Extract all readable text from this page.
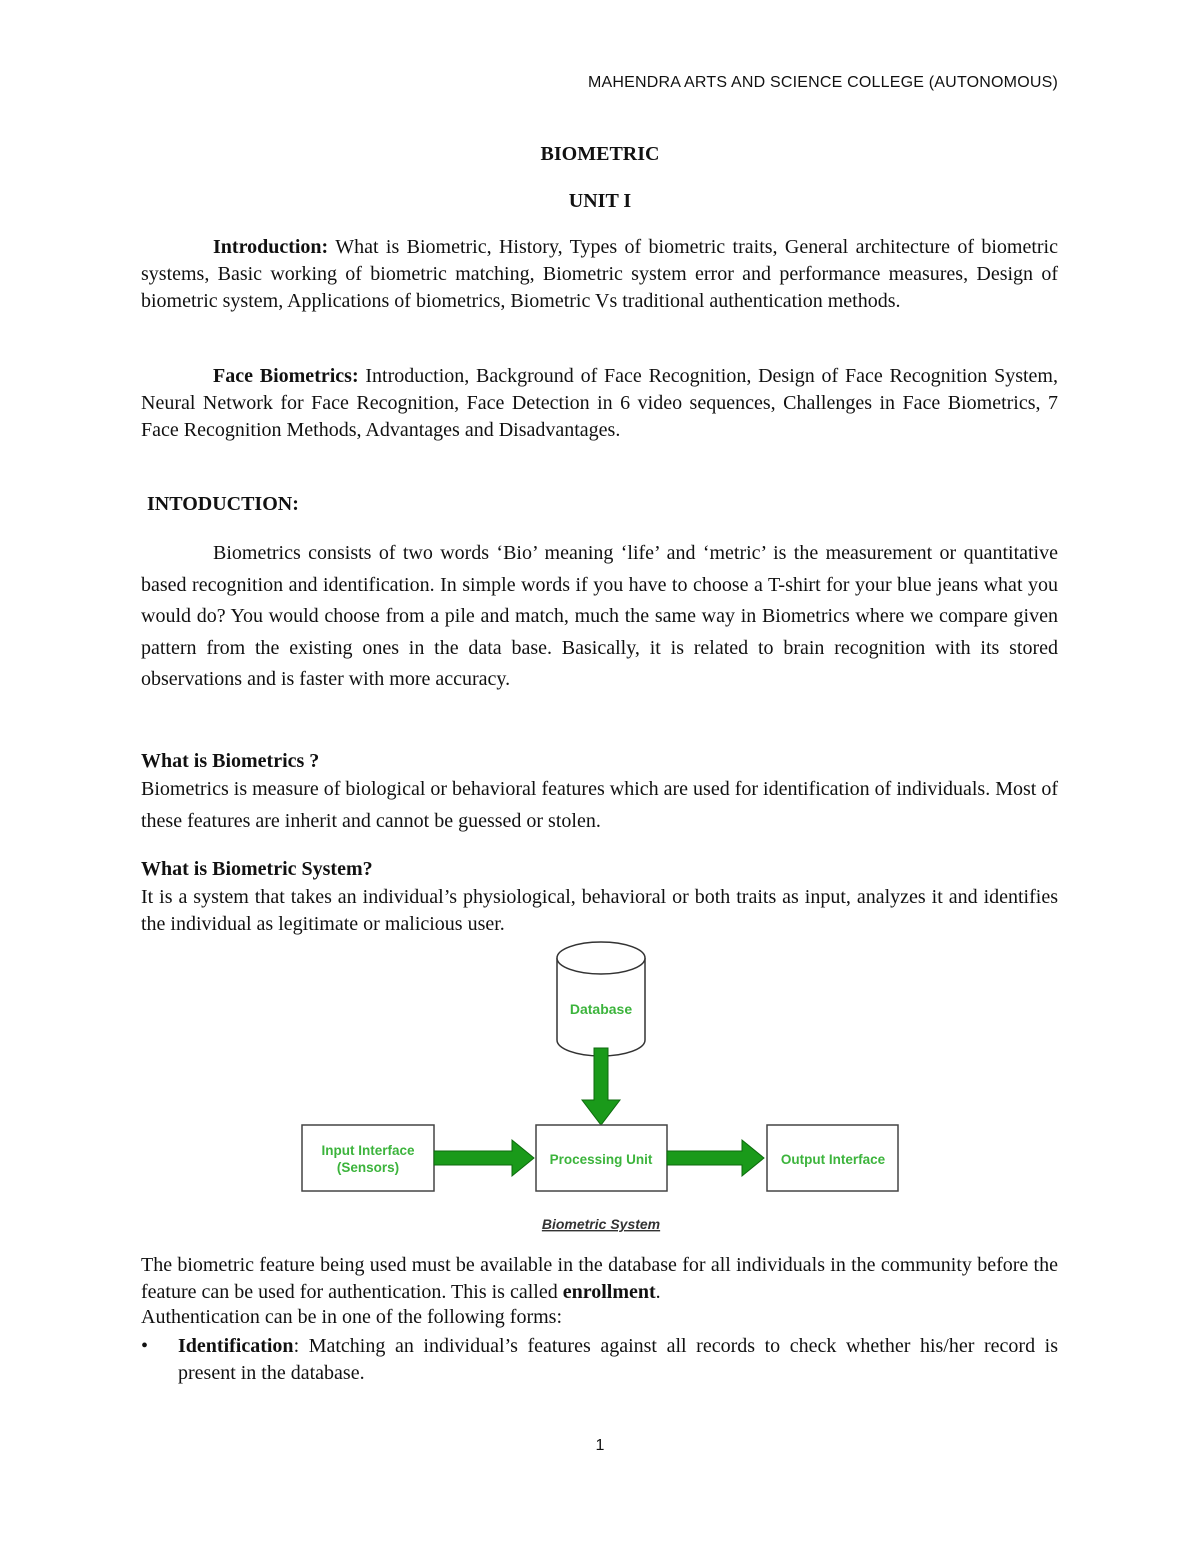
MAHENDRA ARTS AND SCIENCE COLLEGE (AUTONOMOUS)
BIOMETRIC
UNIT I
Introduction: What is Biometric, History, Types of biometric traits, General architecture of biometric systems, Basic working of biometric matching, Biometric system error and performance measures, Design of biometric system, Applications of biometrics, Biometric Vs traditional authentication methods.
Face Biometrics: Introduction, Background of Face Recognition, Design of Face Recognition System, Neural Network for Face Recognition, Face Detection in 6 video sequences, Challenges in Face Biometrics, 7 Face Recognition Methods, Advantages and Disadvantages.
INTODUCTION:
Biometrics consists of two words ‘Bio’ meaning ‘life’ and ‘metric’ is the measurement or quantitative based recognition and identification. In simple words if you have to choose a T-shirt for your blue jeans what you would do? You would choose from a pile and match, much the same way in Biometrics where we compare given pattern from the existing ones in the data base. Basically, it is related to brain recognition with its stored observations and is faster with more accuracy.
What is Biometrics ?
Biometrics is measure of biological or behavioral features which are used for identification of individuals. Most of these features are inherit and cannot be guessed or stolen.
What is Biometric System?
It is a system that takes an individual’s physiological, behavioral or both traits as input, analyzes it and identifies the individual as legitimate or malicious user.
Database
Input Interface
(Sensors)
Processing Unit	Output Interface
Biometric System
The biometric feature being used must be available in the database for all individuals in the community before the feature can be used for authentication. This is called enrollment.
Authentication can be in one of the following forms:
• Identification: Matching an individual’s features against all records to check whether his/her record is present in the database.
1
